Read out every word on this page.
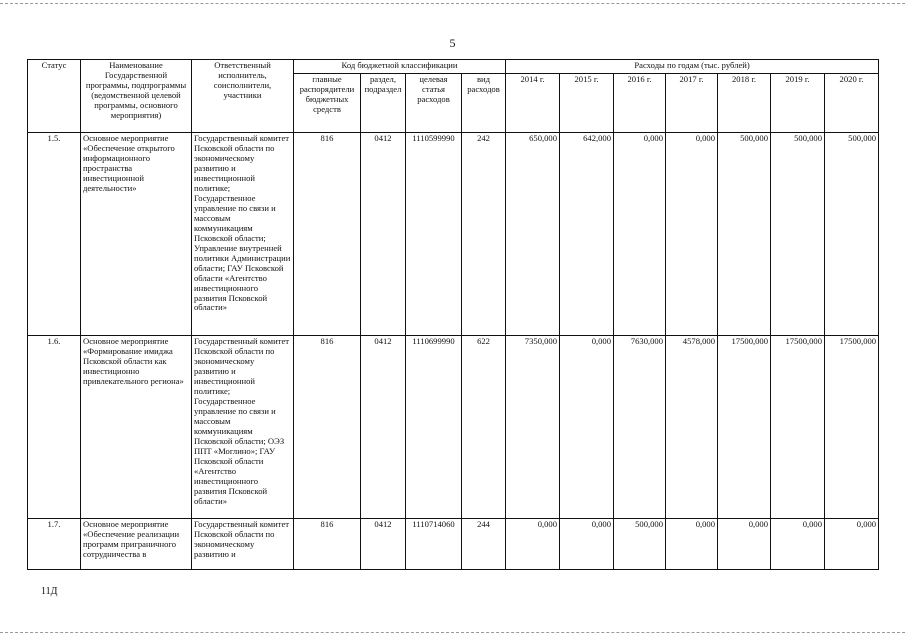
5
Статус	Наименование Государственной программы, подпрограммы (ведомственной целевой программы, основного мероприятия)	Ответственный исполнитель, соисполнители, участники	Код бюджетной классификации				Расходы по годам (тыс. рублей)						
			главные распорядители бюджетных средств	раздел, подраздел	целевая статья расходов	вид расходов	2014 г.	2015 г.	2016 г.	2017 г.	2018 г.	2019 г.	2020 г.
1.5.	Основное мероприятие «Обеспечение открытого информационного пространства инвестиционной деятельности»	Государственный комитет Псковской области по экономическому развитию и инвестиционной политике; Государственное управление по связи и массовым коммуникациям Псковской области; Управление внутренней политики Администрации области; ГАУ Псковской области «Агентство инвестиционного развития Псковской области»	816	0412	1110599990	242	650,000	642,000	0,000	0,000	500,000	500,000	500,000
1.6.	Основное мероприятие «Формирование имиджа Псковской области как инвестиционно привлекательного региона»	Государственный комитет Псковской области по экономическому развитию и инвестиционной политике; Государственное управление по связи и массовым коммуникациям Псковской области; ОЭЗ ППТ «Моглино»; ГАУ Псковской области «Агентство инвестиционного развития Псковской области»	816	0412	1110699990	622	7350,000	0,000	7630,000	4578,000	17500,000	17500,000	17500,000
1.7.	Основное мероприятие «Обеспечение реализации программ приграничного сотрудничества в	Государственный комитет Псковской области по экономическому развитию и	816	0412	1110714060	244	0,000	0,000	500,000	0,000	0,000	0,000	0,000
11Д
